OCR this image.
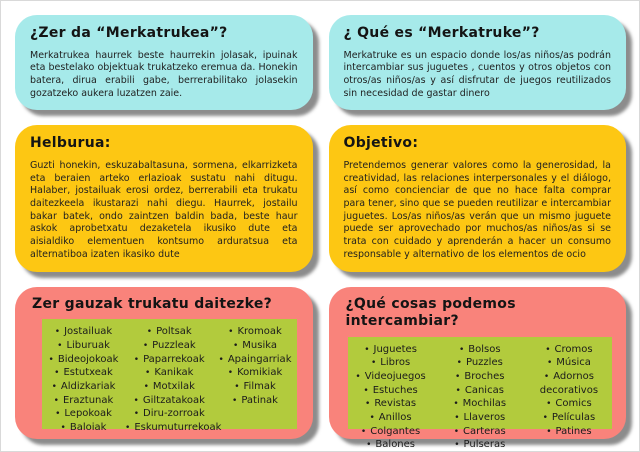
¿Zer da “Merkatrukea”?

Merkatrukea haurrek beste haurrekin jolasak, ipuinak eta bestelako objektuak trukatzeko eremua da. Honekin batera, dirua erabili gabe, berrerabilitako jolasekin gozatzeko aukera luzatzen zaie.

Helburua:

Guzti honekin, eskuzabaltasuna, sormena, elkarrizketa eta beraien arteko erlazioak sustatu nahi ditugu. Halaber, jostailuak erosi ordez, berrerabili eta trukatu daitezkeela ikustarazi nahi diegu. Haurrek, jostailu bakar batek, ondo zaintzen baldin bada, beste haur askok aprobetxatu dezaketela ikusiko dute eta aisialdiko elementuen kontsumo arduratsua eta alternatiboa izaten ikasiko dute

Zer gauzak trukatu daitezke?
• Jostailuak
• Liburuak
• Bideojokoak
• Estutxeak
• Aldizkariak
• Eraztunak
• Lepokoak
• Baloiak
• Poltsak
• Puzzleak
• Paparrekoak
• Kanikak
• Motxilak
• Giltzatakoak
• Diru-zorroak
• Eskumuturrekoak
• Kromoak
• Musika
• Apaingarriak
• Komikiak
• Filmak
• Patinak
¿ Qué es “Merkatruke”?

Merkatruke es un espacio donde los/as niños/as podrán intercambiar sus juguetes , cuentos y otros objetos con otros/as niños/as y así disfrutar de juegos reutilizados sin necesidad de gastar dinero

Objetivo:

Pretendemos generar valores como la generosidad, la creatividad, las relaciones interpersonales y el diálogo, así como concienciar de que no hace falta comprar para tener, sino que se pueden reutilizar e intercambiar juguetes. Los/as niños/as verán que un mismo juguete puede ser aprovechado por muchos/as niños/as si se trata con cuidado y aprenderán a hacer un consumo responsable y alternativo de los elementos de ocio

¿Qué cosas podemos intercambiar?
• Juguetes
• Libros
• Videojuegos
• Estuches
• Revistas
• Anillos
• Colgantes
• Balones
• Bolsos
• Puzzles
• Broches
• Canicas
• Mochilas
• Llaveros
• Carteras
• Pulseras
• Cromos
• Música
• Adornos decorativos
• Comics
• Películas
• Patines
